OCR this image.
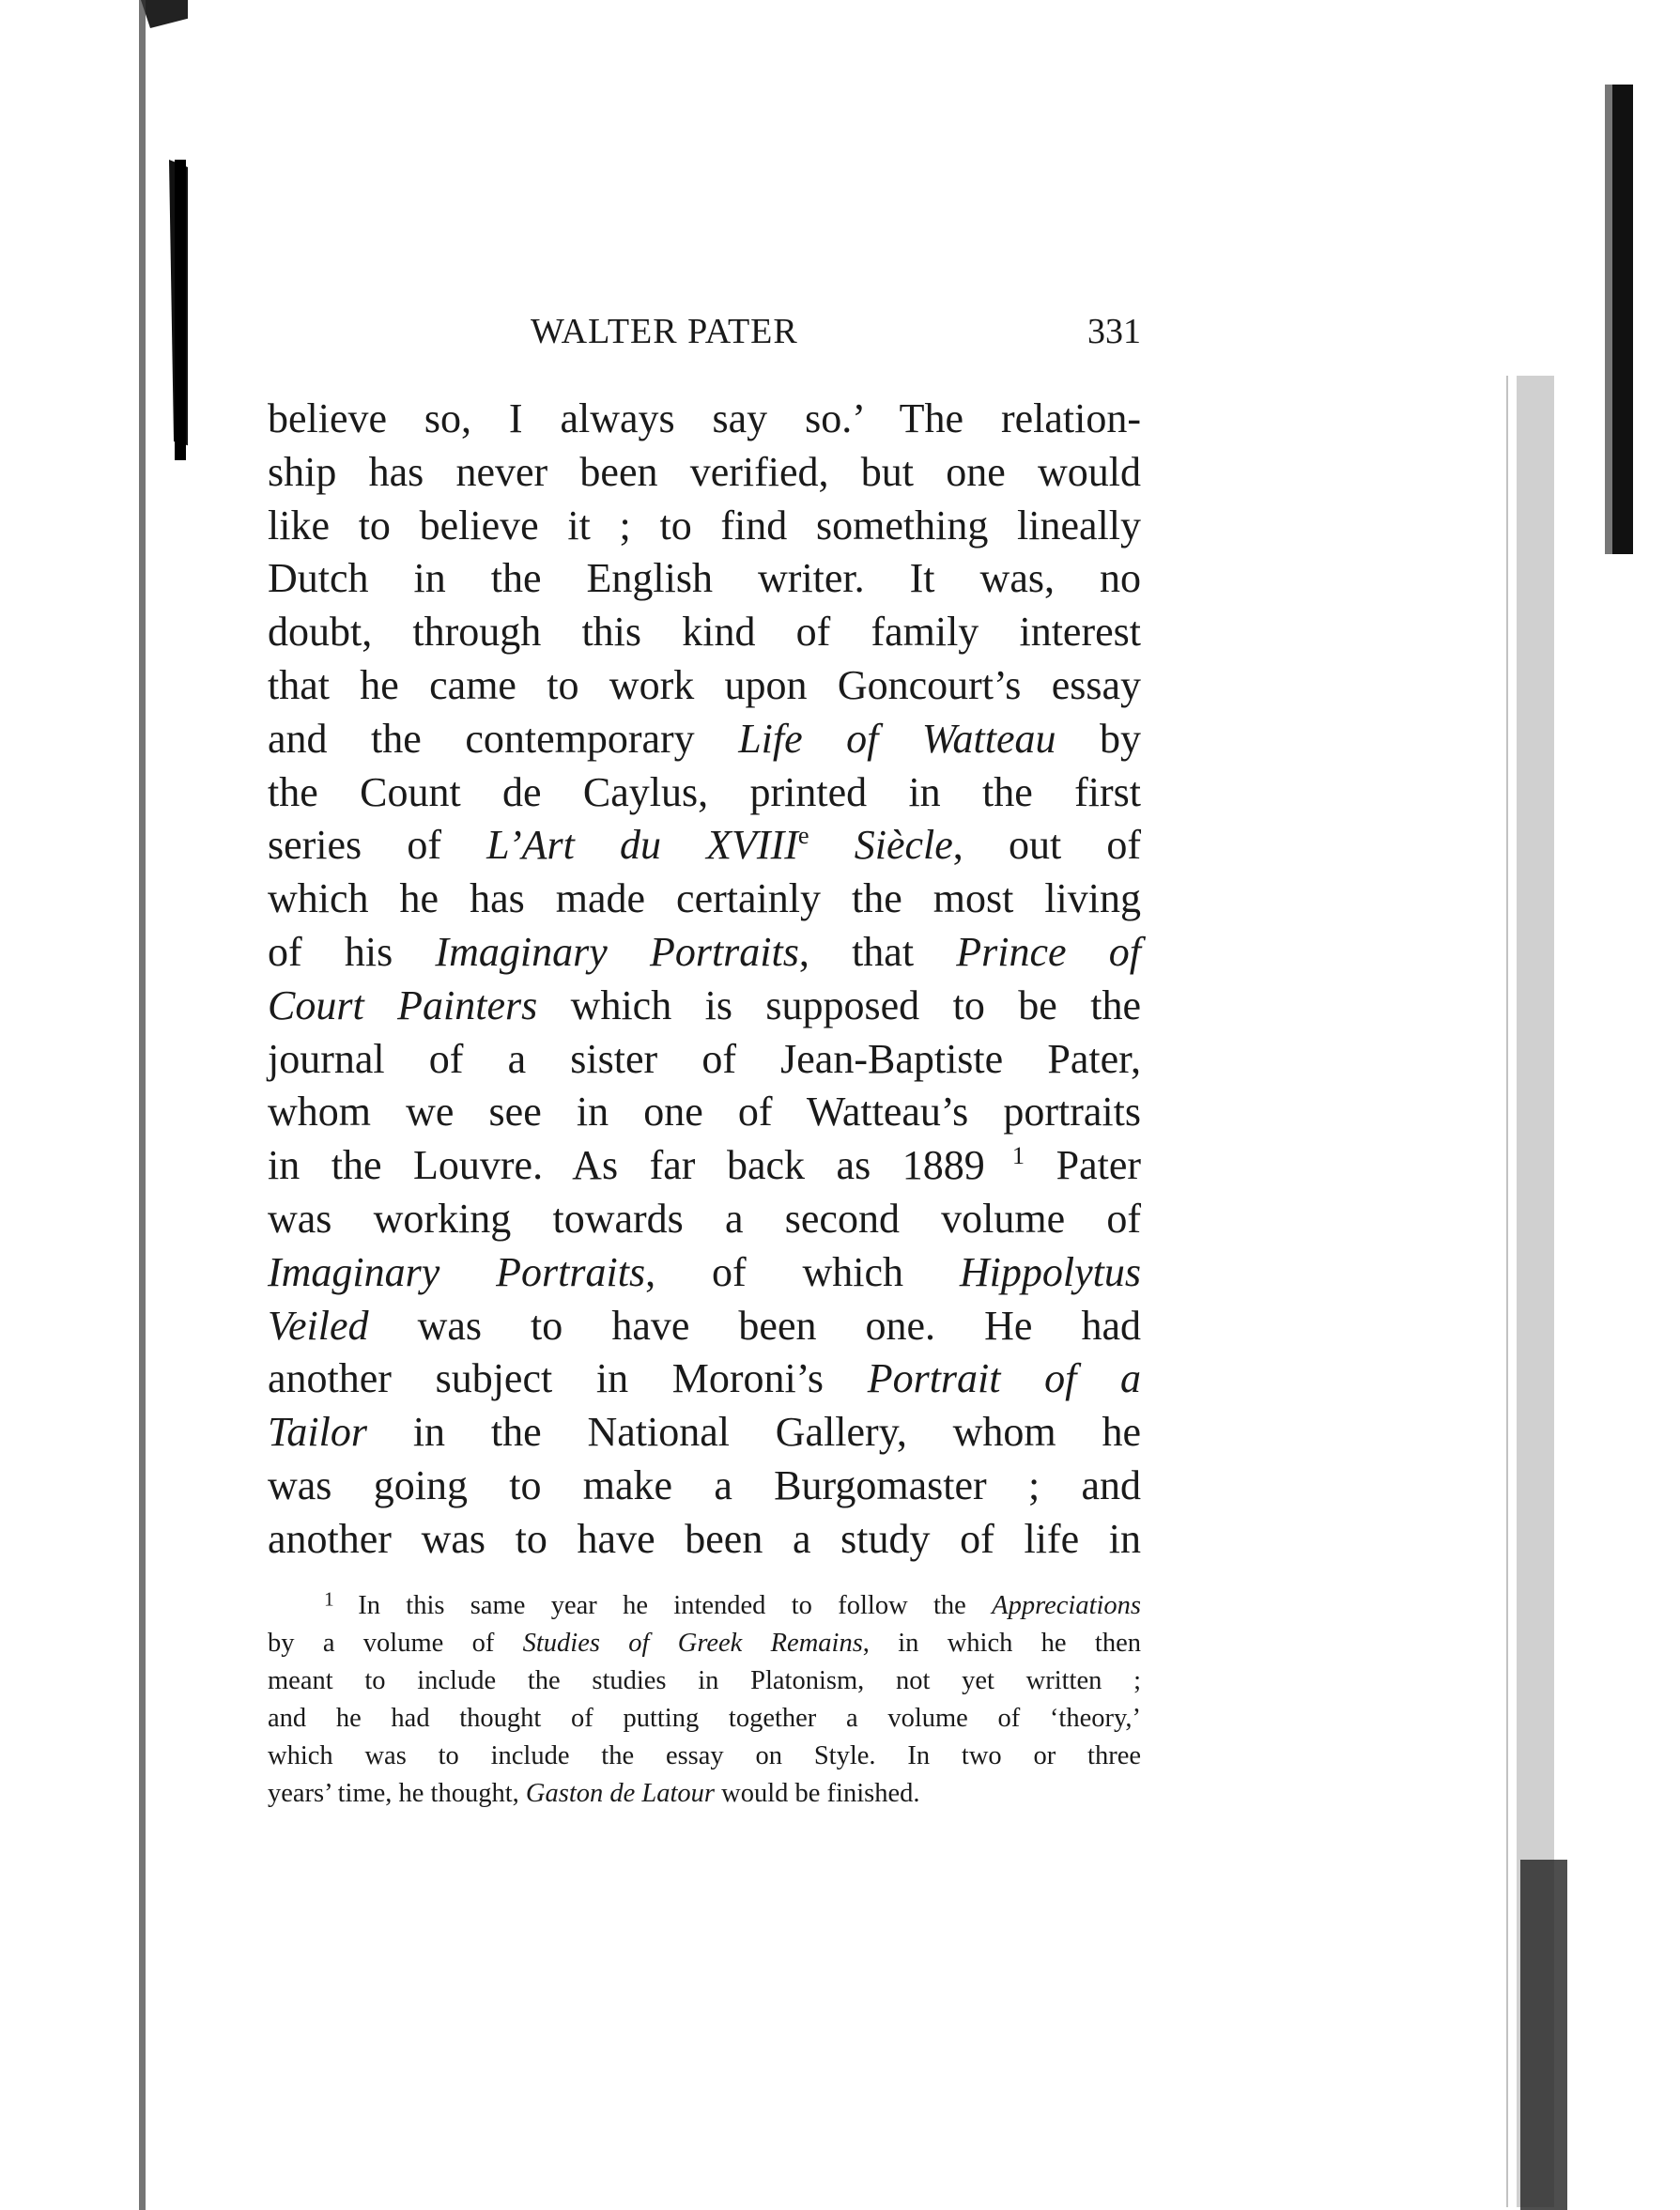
WALTER PATER	331
believe so, I always say so.’ The relation-
ship has never been verified, but one would
like to believe it ; to find something lineally
Dutch in the English writer. It was, no
doubt, through this kind of family interest
that he came to work upon Goncourt’s essay
and the contemporary Life of Watteau by
the Count de Caylus, printed in the first
series of L’Art du XVIIIe Siècle, out of
which he has made certainly the most living
of his Imaginary Portraits, that Prince of
Court Painters which is supposed to be the
journal of a sister of Jean-Baptiste Pater,
whom we see in one of Watteau’s portraits
in the Louvre. As far back as 1889 $^1$ Pater
was working towards a second volume of
Imaginary Portraits, of which Hippolytus
Veiled was to have been one. He had
another subject in Moroni’s Portrait of a
Tailor in the National Gallery, whom he
was going to make a Burgomaster ; and
another was to have been a study of life in
$^1$ In this same year he intended to follow the Appreciations
by a volume of Studies of Greek Remains, in which he then
meant to include the studies in Platonism, not yet written ;
and he had thought of putting together a volume of ‘theory,’
which was to include the essay on Style. In two or three
years’ time, he thought, Gaston de Latour would be finished.
